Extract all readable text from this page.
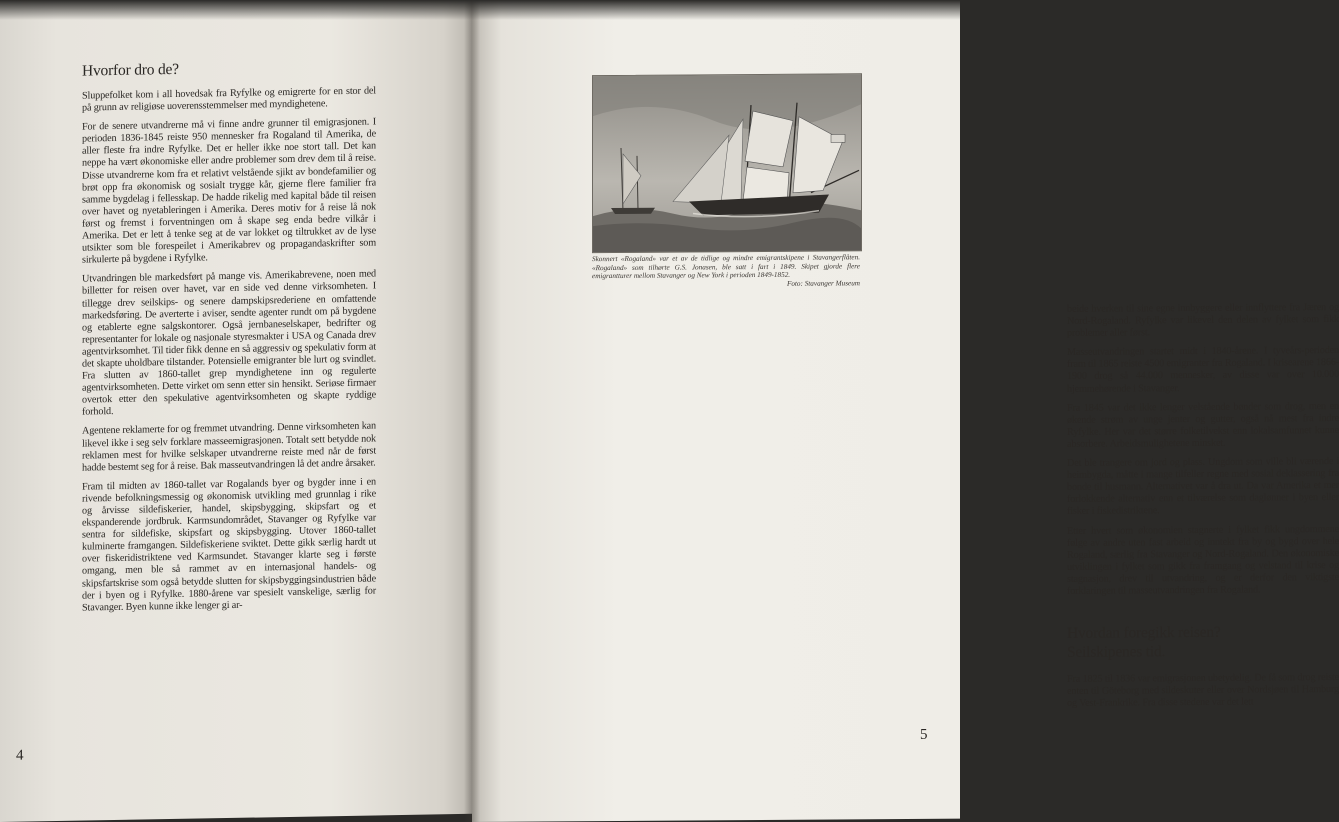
Hvorfor dro de?

Sluppefolket kom i all hovedsak fra Ryfylke og emigrerte for en stor del på grunn av religiøse uoverensstemmelser med myndighetene.

For de senere utvandrerne må vi finne andre grunner til emigrasjonen. I perioden 1836-1845 reiste 950 mennesker fra Rogaland til Amerika, de aller fleste fra indre Ryfylke. Det er heller ikke noe stort tall. Det kan neppe ha vært økonomiske eller andre problemer som drev dem til å reise. Disse utvandrerne kom fra et relativt velstående sjikt av bondefamilier og brøt opp fra økonomisk og sosialt trygge kår, gjerne flere familier fra samme bygdelag i fellesskap. De hadde rikelig med kapital både til reisen over havet og nyetableringen i Amerika. Deres motiv for å reise lå nok først og fremst i forventningen om å skape seg enda bedre vilkår i Amerika. Det er lett å tenke seg at de var lokket og tiltrukket av de lyse utsikter som ble forespeilet i Amerikabrev og propagandaskrifter som sirkulerte på bygdene i Ryfylke.

Utvandringen ble markedsført på mange vis. Amerikabrevene, noen med billetter for reisen over havet, var en side ved denne virksomheten. I tillegge drev seilskips- og senere dampskipsrederiene en omfattende markedsføring. De averterte i aviser, sendte agenter rundt om på bygdene og etablerte egne salgskontorer. Også jernbaneselskaper, bedrifter og representanter for lokale og nasjonale styresmakter i USA og Canada drev agentvirksomhet. Til tider fikk denne en så aggressiv og spekulativ form at det skapte uholdbare tilstander. Potensielle emigranter ble lurt og svindlet. Fra slutten av 1860-tallet grep myndighetene inn og regulerte agentvirksomheten. Dette virket om senn etter sin hensikt. Seriøse firmaer overtok etter den spekulative agentvirksomheten og skapte ryddige forhold.

Agentene reklamerte for og fremmet utvandring. Denne virksomheten kan likevel ikke i seg selv forklare masseemigrasjonen. Totalt sett betydde nok reklamen mest for hvilke selskaper utvandrerne reiste med når de først hadde bestemt seg for å reise. Bak masseutvandringen lå det andre årsaker.

Fram til midten av 1860-tallet var Rogalands byer og bygder inne i en rivende befolkningsmessig og økonomisk utvikling med grunnlag i rike og årvisse sildefiskerier, handel, skipsbygging, skipsfart og et ekspanderende jordbruk. Karmsundområdet, Stavanger og Ryfylke var sentra for sildefiske, skipsfart og skipsbygging. Utover 1860-tallet kulminerte framgangen. Sildefiskeriene sviktet. Dette gikk særlig hardt ut over fiskeridistriktene ved Karmsundet. Stavanger klarte seg i første omgang, men ble så rammet av en internasjonal handels- og skipsfartskrise som også betydde slutten for skipsbyggingsindustrien både der i byen og i Ryfylke. 1880-årene var spesielt vanskelige, særlig for Stavanger. Byen kunne ikke lenger gi ar-

4
Skonnert «Rogaland» var et av de tidlige og mindre emigrantskipene i Stavangerflåten. «Rogaland» som tilhørte G.S. Jonasen, ble satt i fart i 1849. Skipet gjorde flere emigrantturer mellom Stavanger og New York i perioden 1849-1852.
Foto: Stavanger Museum

beide hverken til sine egne innbyggere eller innflyttere fra Jæren og Nord-Rogaland. Ryfylke var likevel den delen av fylket som fikk problemer aller først.

Masseutvandringen startet midt i 1840-årene. I tyveårs-perioden fram til 1865 reiste 4500 emigranter fra Rogaland. I krisearene 1866-1900 drog så 44.000 mennesker, av disse var over 10.000 hjemmehørende i Stavanger.

Fra 1845 var det ikke lenger velstående bønder som drog, men en økende strøm av unge jenter og gutter, også nå mest fra indre Ryfylke. Her var det større folketilvekst enn lokalsamfunnet kunne absorbere. Arbeidsmulighetene minsket.

Det ble trangere om jord og plass. Ungdom som ville bli værende i heimbygda, måtte i mange tilfeller regne med sosial deklassering fra bonde til husmann. Alternativet var å dra ut. Da var Amerika et mer forlokkende alternativ enn et tilværelse som daglønner i byen eller fisker i fiskedistriktene.

Etter hvert som økonomien stagnerte i fylket fikk ungdommene følge av andre uten fast arbeid og inntekt fra by og bygd over hele Rogaland, særlig fra Stavanger og Nord-Rogaland. Den økonomiske utviklingen i fylket som gikk fra framgang og velstand til krise og stagnasjon, drev til utvandring, og er derfor den viktigste forklaringen til masseutvandringen fra Rogaland.

Hvordan foregikk reisen?
Seilskipenes tid.

Fra 1825 til 1836 var emigrasjonen ubetydelig. De få som drog reiste enten til Göteborg med sildeskuter eller over Nordsjøen til Hamburg og Vest-Frankrike. Fra disse stedene var det lett

5
